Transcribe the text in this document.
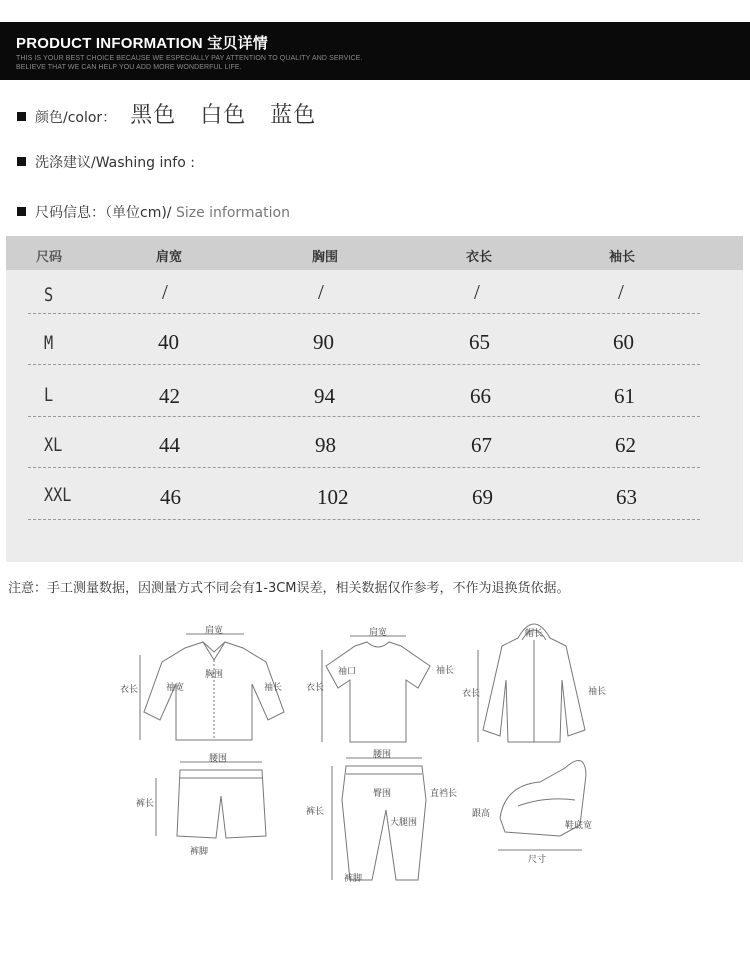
PRODUCT INFORMATION 宝贝详情
THIS IS YOUR BEST CHOICE BECAUSE WE ESPECIALLY PAY ATTENTION TO QUALITY AND SERVICE.
BELIEVE THAT WE CAN HELP YOU ADD MORE WONDERFUL LIFE.
颜色/color： 黑色 白色 蓝色
洗涤建议/Washing info :
尺码信息：（单位cm)/ Size information
尺码	肩宽	胸围	衣长	袖长
S	/	/	/	/
M	40	90	65	60
L	42	94	66	61
XL	44	98	67	62
XXL	46	102	69	63
注意：手工测量数据，因测量方式不同会有1-3CM误差，相关数据仅作参考，不作为退换货依据。
肩宽
胸围
衣长	袖宽	袖长
肩宽
袖口	袖长
衣长
帽长
衣长	袖长
腰围
裤长
裤脚
腰围
臀围	直裆长
大腿围
裤长
裤脚
跟高
鞋底宽
尺寸
